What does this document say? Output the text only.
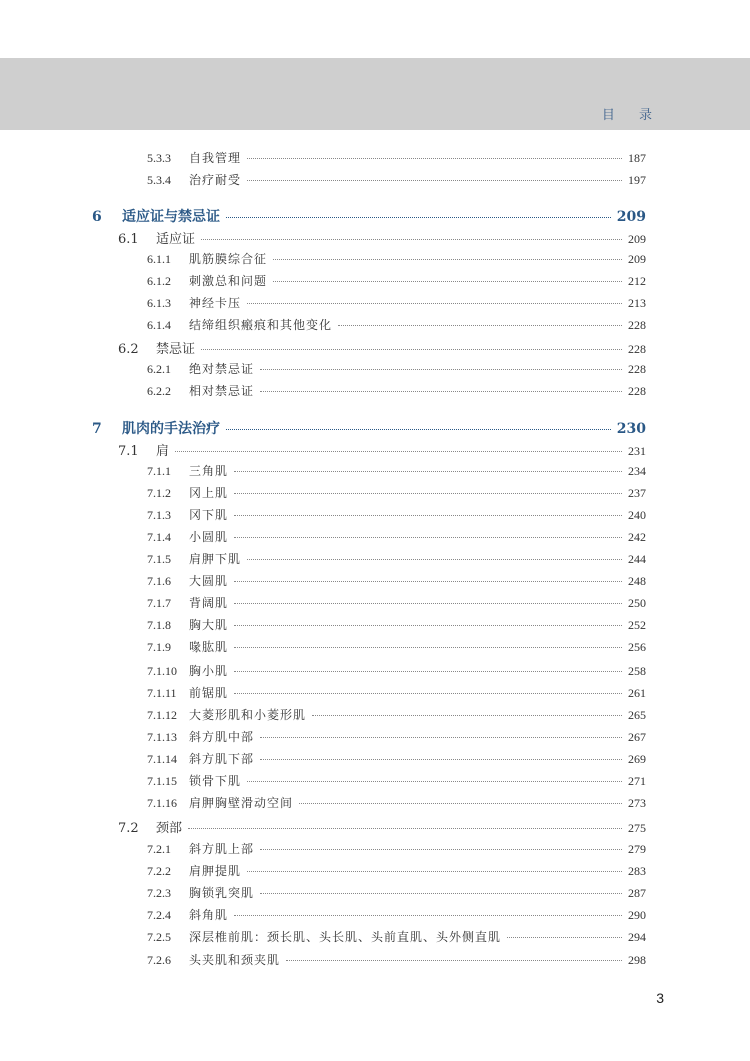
目 录
5.3.3	自我管理	187
5.3.4	治疗耐受	197
6	适应证与禁忌证	209
6.1	适应证	209
6.1.1	肌筋膜综合征	209
6.1.2	刺激总和问题	212
6.1.3	神经卡压	213
6.1.4	结缔组织瘢痕和其他变化	228
6.2	禁忌证	228
6.2.1	绝对禁忌证	228
6.2.2	相对禁忌证	228
7	肌肉的手法治疗	230
7.1	肩	231
7.1.1	三角肌	234
7.1.2	冈上肌	237
7.1.3	冈下肌	240
7.1.4	小圆肌	242
7.1.5	肩胛下肌	244
7.1.6	大圆肌	248
7.1.7	背阔肌	250
7.1.8	胸大肌	252
7.1.9	喙肱肌	256
7.1.10	胸小肌	258
7.1.11	前锯肌	261
7.1.12	大菱形肌和小菱形肌	265
7.1.13	斜方肌中部	267
7.1.14	斜方肌下部	269
7.1.15	锁骨下肌	271
7.1.16	肩胛胸壁滑动空间	273
7.2	颈部	275
7.2.1	斜方肌上部	279
7.2.2	肩胛提肌	283
7.2.3	胸锁乳突肌	287
7.2.4	斜角肌	290
7.2.5	深层椎前肌：颈长肌、头长肌、头前直肌、头外侧直肌	294
7.2.6	头夹肌和颈夹肌	298
3
